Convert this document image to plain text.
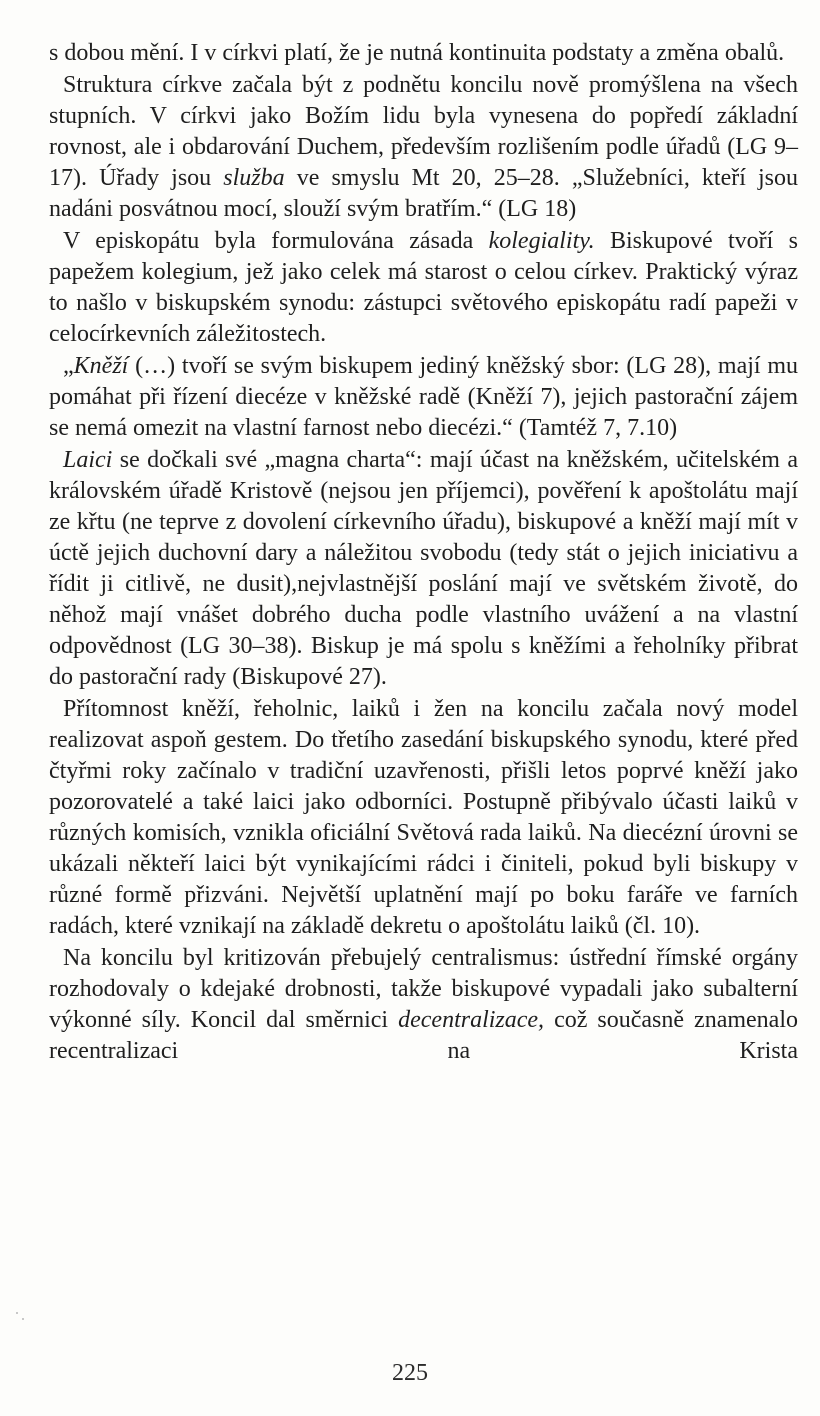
s dobou mění. I v církvi platí, že je nutná kontinuita podstaty a změna obalů.

Struktura církve začala být z podnětu koncilu nově promýšlena na všech stupních. V církvi jako Božím lidu byla vynesena do popředí základní rovnost, ale i obdarování Duchem, především rozlišením podle úřadů (LG 9–17). Úřady jsou služba ve smyslu Mt 20, 25–28. „Služebníci, kteří jsou nadáni posvátnou mocí, slouží svým bratřím.“ (LG 18)

V episkopátu byla formulována zásada kolegiality. Biskupové tvoří s papežem kolegium, jež jako celek má starost o celou církev. Praktický výraz to našlo v biskupském synodu: zástupci světového episkopátu radí papeži v celocírkevních záležitostech.

„Kněží (…) tvoří se svým biskupem jediný kněžský sbor: (LG 28), mají mu pomáhat při řízení diecéze v kněžské radě (Kněží 7), jejich pastorační zájem se nemá omezit na vlastní farnost nebo diecézi.“ (Tamtéž 7, 7.10)

Laici se dočkali své „magna charta“: mají účast na kněžském, učitelském a královském úřadě Kristově (nejsou jen příjemci), pověření k apoštolátu mají ze křtu (ne teprve z dovolení církevního úřadu), biskupové a kněží mají mít v úctě jejich duchovní dary a náležitou svobodu (tedy stát o jejich iniciativu a řídit ji citlivě, ne dusit),nejvlastnější poslání mají ve světském životě, do něhož mají vnášet dobrého ducha podle vlastního uvážení a na vlastní odpovědnost (LG 30–38). Biskup je má spolu s kněžími a řeholníky přibrat do pastorační rady (Biskupové 27).

Přítomnost kněží, řeholnic, laiků i žen na koncilu začala nový model realizovat aspoň gestem. Do třetího zasedání biskupského synodu, které před čtyřmi roky začínalo v tradiční uzavřenosti, přišli letos poprvé kněží jako pozorovatelé a také laici jako odborníci. Postupně přibývalo účasti laiků v různých komisích, vznikla oficiální Světová rada laiků. Na diecézní úrovni se ukázali někteří laici být vynikajícími rádci i činiteli, pokud byli biskupy v různé formě přizváni. Největší uplatnění mají po boku faráře ve farních radách, které vznikají na základě dekretu o apoštolátu laiků (čl. 10).

Na koncilu byl kritizován přebujelý centralismus: ústřední římské orgány rozhodovaly o kdejaké drobnosti, takže biskupové vypadali jako subalterní výkonné síly. Koncil dal směrnici decentralizace, což současně znamenalo recentralizaci na Krista

225
